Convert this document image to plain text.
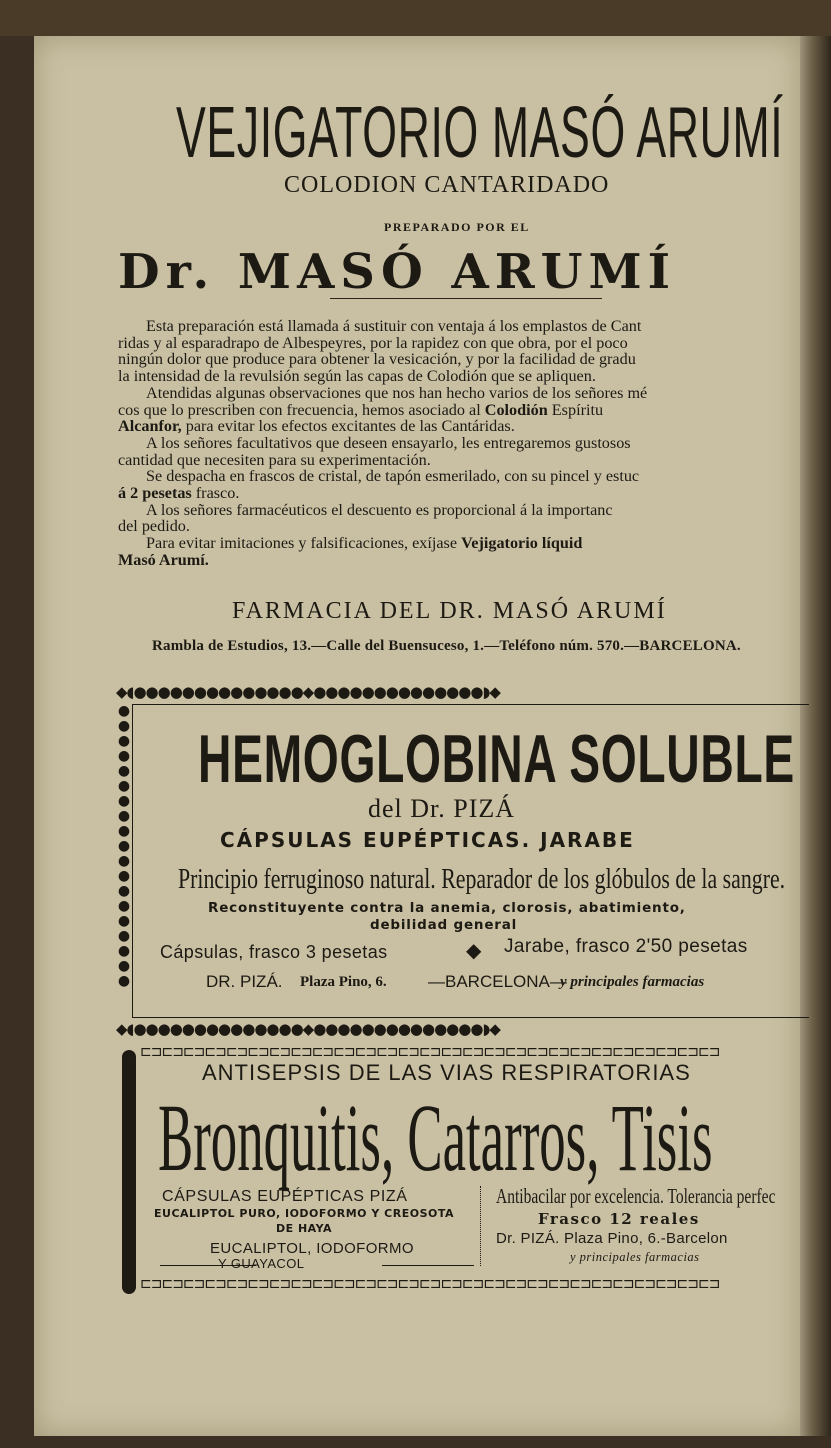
VEJIGATORIO MASÓ ARUMÍ
COLODION CANTARIDADO
PREPARADO POR EL
Dr. MASÓ ARUMÍ

Esta preparación está llamada á sustituir con ventaja á los emplastos de Cant

ridas y al esparadrapo de Albespeyres, por la rapidez con que obra, por el poco

ningún dolor que produce para obtener la vesicación, y por la facilidad de gradu

la intensidad de la revulsión según las capas de Colodión que se apliquen.

Atendidas algunas observaciones que nos han hecho varios de los señores mé

cos que lo prescriben con frecuencia, hemos asociado al Colodión Espíritu

Alcanfor, para evitar los efectos excitantes de las Cantáridas.

A los señores facultativos que deseen ensayarlo, les entregaremos gustosos

cantidad que necesiten para su experimentación.

Se despacha en frascos de cristal, de tapón esmerilado, con su pincel y estuc

á 2 pesetas frasco.

A los señores farmacéuticos el descuento es proporcional á la importanc

del pedido.

Para evitar imitaciones y falsificaciones, exíjase Vejigatorio líquid

Masó Arumí.

FARMACIA DEL DR. MASÓ ARUMÍ
Rambla de Estudios, 13.—Calle del Buensuceso, 1.—Teléfono núm. 570.—BARCELONA.
◆◖●●●●●●●●●●●●●●◆●●●●●●●●●●●●●●◗◆
●●●●●●●●●●●●●●●●●●●
HEMOGLOBINA SOLUBLE
del Dr. PIZÁ
CÁPSULAS EUPÉPTICAS. JARABE
Principio ferruginoso natural. Reparador de los glóbulos de la sangre.
Reconstituyente contra la anemia, clorosis, abatimiento,
debilidad general
Cápsulas, frasco 3 pesetas	◆ Jarabe, frasco 2'50 pesetas
DR. PIZÁ. Plaza Pino, 6. —BARCELONA—
y principales farmacias
◆◖●●●●●●●●●●●●●●◆●●●●●●●●●●●●●●◗◆
⊏⊐⊏⊐⊏⊐⊏⊐⊏⊐⊏⊐⊏⊐⊏⊐⊏⊐⊏⊐⊏⊐⊏⊐⊏⊐⊏⊐⊏⊐⊏⊐⊏⊐⊏⊐⊏⊐⊏⊐⊏⊐⊏⊐⊏⊐⊏⊐⊏⊐⊏⊐⊏⊐
ANTISEPSIS DE LAS VIAS RESPIRATORIAS
Bronquitis, Catarros, Tisis
CÁPSULAS EUPÉPTICAS PIZÁ
EUCALIPTOL PURO, IODOFORMO Y CREOSOTA
DE HAYA
EUCALIPTOL, IODOFORMO
Y GUAYACOL
Antibacilar por excelencia. Tolerancia perfec
Frasco 12 reales
Dr. PIZÁ. Plaza Pino, 6.-Barcelon
y principales farmacias
⊏⊐⊏⊐⊏⊐⊏⊐⊏⊐⊏⊐⊏⊐⊏⊐⊏⊐⊏⊐⊏⊐⊏⊐⊏⊐⊏⊐⊏⊐⊏⊐⊏⊐⊏⊐⊏⊐⊏⊐⊏⊐⊏⊐⊏⊐⊏⊐⊏⊐⊏⊐⊏⊐
